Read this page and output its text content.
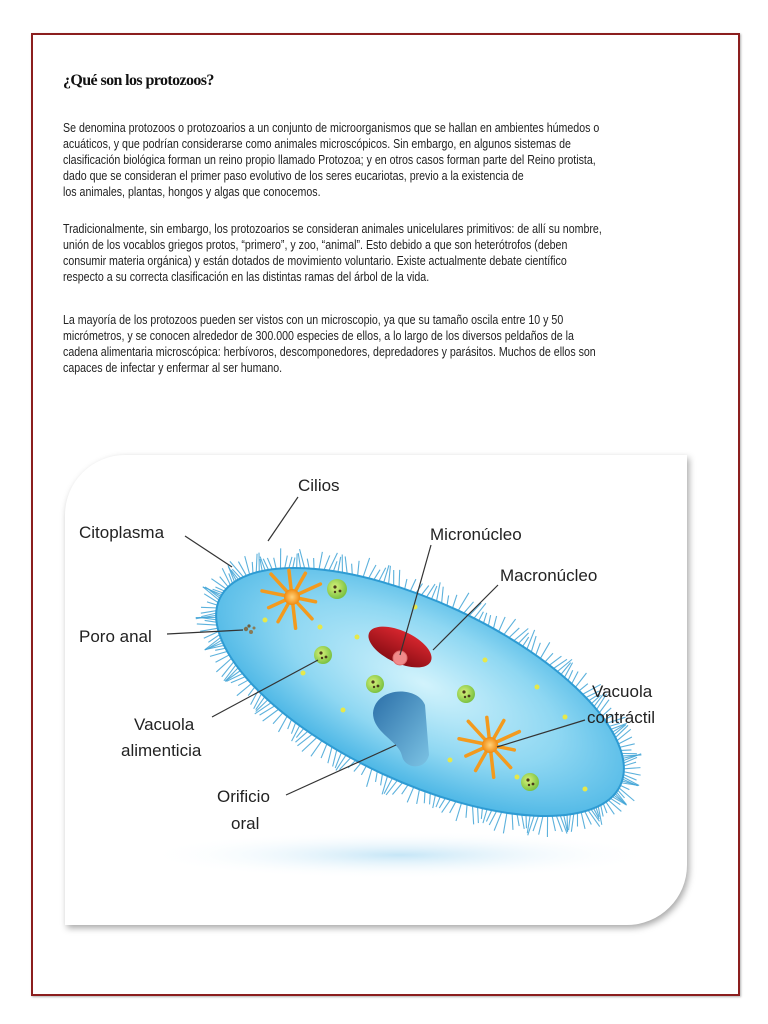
¿Qué son los protozoos?
Se denomina protozoos o protozoarios a un conjunto de microorganismos que se hallan en ambientes húmedos o
acuáticos, y que podrían considerarse como animales microscópicos. Sin embargo, en algunos sistemas de
clasificación biológica forman un reino propio llamado Protozoa; y en otros casos forman parte del Reino protista,
dado que se consideran el primer paso evolutivo de los seres eucariotas, previo a la existencia de
los animales, plantas, hongos y algas que conocemos.
Tradicionalmente, sin embargo, los protozoarios se consideran animales unicelulares primitivos: de allí su nombre,
unión de los vocablos griegos protos, “primero”, y zoo, “animal”. Esto debido a que son heterótrofos (deben
consumir materia orgánica) y están dotados de movimiento voluntario. Existe actualmente debate científico
respecto a su correcta clasificación en las distintas ramas del árbol de la vida.
La mayoría de los protozoos pueden ser vistos con un microscopio, ya que su tamaño oscila entre 10 y 50
micrómetros, y se conocen alrededor de 300.000 especies de ellos, a lo largo de los diversos peldaños de la
cadena alimentaria microscópica: herbívoros, descomponedores, depredadores y parásitos. Muchos de ellos son
capaces de infectar y enfermar al ser humano.
Cilios
Citoplasma	Micronúcleo
Macronúcleo
Poro anal
Vacuola
alimenticia
Vacuola
contráctil
Orificio
oral
